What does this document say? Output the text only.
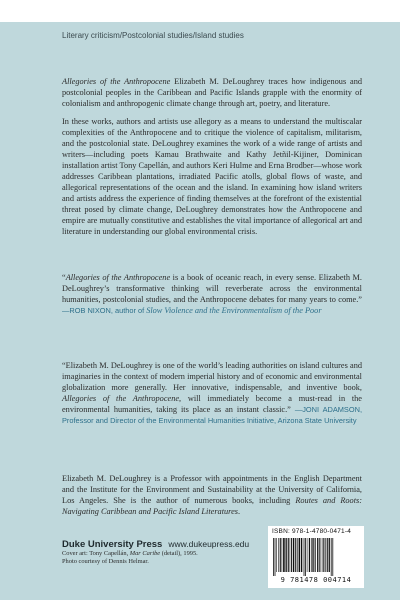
Literary criticism/Postcolonial studies/Island studies

Allegories of the Anthropocene Elizabeth M. DeLoughrey traces how indigenous and postcolonial peoples in the Caribbean and Pacific Islands grapple with the enormity of colonialism and anthropogenic climate change through art, poetry, and literature.

In these works, authors and artists use allegory as a means to understand the multiscalar complexities of the Anthropocene and to critique the violence of capitalism, militarism, and the postcolonial state. DeLoughrey examines the work of a wide range of artists and writers—including poets Kamau Brathwaite and Kathy Jetñil-Kijiner, Dominican installation artist Tony Capellán, and authors Keri Hulme and Erna Brodber—whose work addresses Caribbean plantations, irradiated Pacific atolls, global flows of waste, and allegorical representations of the ocean and the island. In examining how island writers and artists address the experience of finding themselves at the forefront of the existential threat posed by climate change, DeLoughrey demonstrates how the Anthropocene and empire are mutually constitutive and establishes the vital importance of allegorical art and literature in understanding our global environmental crisis.

“Allegories of the Anthropocene is a book of oceanic reach, in every sense. Elizabeth M. DeLoughrey’s transformative thinking will reverberate across the environmental humanities, postcolonial studies, and the Anthropocene debates for many years to come.” —ROB NIXON, author of Slow Violence and the Environmentalism of the Poor
“Elizabeth M. DeLoughrey is one of the world’s leading authorities on island cultures and imaginaries in the context of modern imperial history and of economic and environmental globalization more generally. Her innovative, indispensable, and inventive book, Allegories of the Anthropocene, will immediately become a must-read in the environmental humanities, taking its place as an instant classic.” —JONI ADAMSON, Professor and Director of the Environmental Humanities Initiative, Arizona State University
Elizabeth M. DeLoughrey is a Professor with appointments in the English Department and the Institute for the Environment and Sustainability at the University of California, Los Angeles. She is the author of numerous books, including Routes and Roots: Navigating Caribbean and Pacific Island Literatures.
Duke University Press www.dukeupress.edu
Cover art: Tony Capellán, Mar Caribe (detail), 1995.
Photo courtesy of Dennis Helmar.
ISBN: 978-1-4780-0471-4
9 781478 004714
